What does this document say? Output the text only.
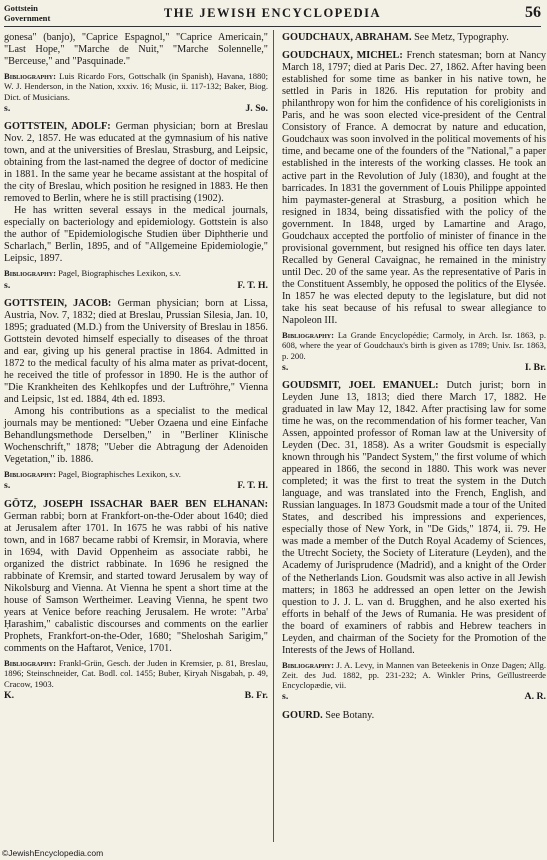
Gottstein
Government	THE JEWISH ENCYCLOPEDIA	56

gonesa" (banjo), "Caprice Espagnol," "Caprice Americain," "Last Hope," "Marche de Nuit," "Marche Solennelle," "Berceuse," and "Pasquinade."

Bibliography: Luis Ricardo Fors, Gottschalk (in Spanish), Havana, 1880; W. J. Henderson, in the Nation, xxxiv. 16; Music, ii. 117-132; Baker, Biog. Dict. of Musicians.

s.	J. So.

GOTTSTEIN, ADOLF: German physician; born at Breslau Nov. 2, 1857. He was educated at the gymnasium of his native town, and at the universities of Breslau, Strasburg, and Leipsic, obtaining from the last-named the degree of doctor of medicine in 1881. In the same year he became assistant at the hospital of the city of Breslau, which position he resigned in 1883. He then removed to Berlin, where he is still practising (1902).

He has written several essays in the medical journals, especially on bacteriology and epidemiology. Gottstein is also the author of "Epidemiologische Studien über Diphtherie und Scharlach," Berlin, 1895, and of "Allgemeine Epidemiologie," Leipsic, 1897.

Bibliography: Pagel, Biographisches Lexikon, s.v.

s.	F. T. H.

GOTTSTEIN, JACOB: German physician; born at Lissa, Austria, Nov. 7, 1832; died at Breslau, Prussian Silesia, Jan. 10, 1895; graduated (M.D.) from the University of Breslau in 1856. Gottstein devoted himself especially to diseases of the throat and ear, giving up his general practise in 1864. Admitted in 1872 to the medical faculty of his alma mater as privat-docent, he received the title of professor in 1890. He is the author of "Die Krankheiten des Kehlkopfes und der Luftröhre," Vienna and Leipsic, 1st ed. 1884, 4th ed. 1893.

Among his contributions as a specialist to the medical journals may be mentioned: "Ueber Ozaena und eine Einfache Behandlungsmethode Derselben," in "Berliner Klinische Wochenschrift," 1878; "Ueber die Abtragung der Adenoiden Vegetation," ib. 1886.

Bibliography: Pagel, Biographisches Lexikon, s.v.

s.	F. T. H.

GÖTZ, JOSEPH ISSACHAR BAER BEN ELHANAN: German rabbi; born at Frankfort-on-the-Oder about 1640; died at Jerusalem after 1701. In 1675 he was rabbi of his native town, and in 1687 became rabbi of Kremsir, in Moravia, where in 1694, with David Oppenheim as associate rabbi, he organized the district rabbinate. In 1696 he resigned the rabbinate of Kremsir, and started toward Jerusalem by way of Nikolsburg and Vienna. At Vienna he spent a short time at the house of Samson Wertheimer. Leaving Vienna, he spent two years at Venice before reaching Jerusalem. He wrote: "Arba' Ḥarashim," cabalistic discourses and comments on the earlier Prophets, Frankfort-on-the-Oder, 1680; "Sheloshah Sarigim," comments on the Haftarot, Venice, 1701.

Bibliography: Frankl-Grün, Gesch. der Juden in Kremsier, p. 81, Breslau, 1896; Steinschneider, Cat. Bodl. col. 1455; Buber, Ḳiryah Nisgabah, p. 49, Cracow, 1903.

K.	B. Fr.

GOUDCHAUX, ABRAHAM. See Metz, Typography.

GOUDCHAUX, MICHEL: French statesman; born at Nancy March 18, 1797; died at Paris Dec. 27, 1862. After having been established for some time as banker in his native town, he settled in Paris in 1826. His reputation for probity and philanthropy won for him the confidence of his coreligionists in Paris, and he was soon elected vice-president of the Central Consistory of France. A democrat by nature and education, Goudchaux was soon involved in the political movements of his time, and became one of the founders of the "National," a paper established in the interests of the working classes. He took an active part in the Revolution of July (1830), and fought at the barricades. In 1831 the government of Louis Philippe appointed him paymaster-general at Strasburg, a position which he resigned in 1834, being dissatisfied with the policy of the government. In 1848, urged by Lamartine and Arago, Goudchaux accepted the portfolio of minister of finance in the provisional government, but resigned his office ten days later. Recalled by General Cavaignac, he remained in the ministry until Dec. 20 of the same year. As the representative of Paris in the Constituent Assembly, he opposed the politics of the Elysée. In 1857 he was elected deputy to the legislature, but did not take his seat because of his refusal to swear allegiance to Napoleon III.

Bibliography: La Grande Encyclopédie; Carmoly, in Arch. Isr. 1863, p. 608, where the year of Goudchaux's birth is given as 1789; Univ. Isr. 1863, p. 200.

s.	I. Br.

GOUDSMIT, JOEL EMANUEL: Dutch jurist; born in Leyden June 13, 1813; died there March 17, 1882. He graduated in law May 12, 1842. After practising law for some time he was, on the recommendation of his former teacher, Van Assen, appointed professor of Roman law at the University of Leyden (Dec. 31, 1858). As a writer Goudsmit is especially known through his "Pandect System," the first volume of which appeared in 1866, the second in 1880. This work was never completed; it was the first to treat the system in the Dutch language, and was translated into the French, English, and Russian languages. In 1873 Goudsmit made a tour of the United States, and described his impressions and experiences, especially those of New York, in "De Gids," 1874, ii. 79. He was made a member of the Dutch Royal Academy of Sciences, the Utrecht Society, the Society of Literature (Leyden), and the Academy of Jurisprudence (Madrid), and a knight of the Order of the Netherlands Lion. Goudsmit was also active in all Jewish matters; in 1863 he addressed an open letter on the Jewish question to J. J. L. van d. Brugghen, and he also exerted his efforts in behalf of the Jews of Rumania. He was president of the board of examiners of rabbis and Hebrew teachers in Leyden, and chairman of the Society for the Promotion of the Interests of the Jews of Holland.

Bibliography: J. A. Levy, in Mannen van Beteekenis in Onze Dagen; Allg. Zeit. des Jud. 1882, pp. 231-232; A. Winkler Prins, Geïllustreerde Encyclopædie, vii.

s.	A. R.

GOURD. See Botany.

©JewishEncyclopedia.com
